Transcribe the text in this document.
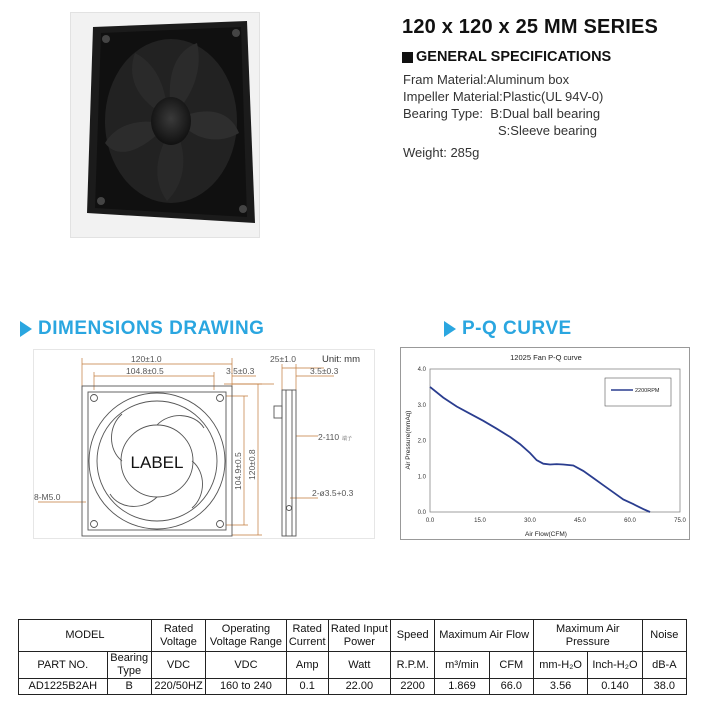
120 x 120 x 25 MM SERIES
GENERAL SPECIFICATIONS
Fram Material:Aluminum box
Impeller Material:Plastic(UL 94V-0)
Bearing Type:  B:Dual ball bearing
S:Sleeve bearing
Weight: 285g
DIMENSIONS DRAWING	P-Q CURVE
LABEL
120±1.0
104.8±0.5	3.5±0.3
25±1.0
3.5±0.3
Unit: mm
104.9±0.5 120±0.8
2-110 端子
2-ø3.5+0.3
8-M5.0
12025 Fan P-Q curve
0.0	15.0	30.0	45.0	60.0	75.0
0.0
1.0
2.0
3.0
4.0
2200RPM
Air Flow(CFM)
Air Pressure(mmAq)
MODEL		Rated Voltage	Operating Voltage Range	Rated Current	Rated Input Power	Speed	Maximum Air Flow		Maximum Air Pressure		Noise
PART NO.	Bearing Type	VDC	VDC	Amp	Watt	R.P.M.	m³/min	CFM	mm-H₂O	Inch-H₂O	dB-A
AD1225B2AH	B	220/50HZ	160 to 240	0.1	22.00	2200	1.869	66.0	3.56	0.140	38.0
